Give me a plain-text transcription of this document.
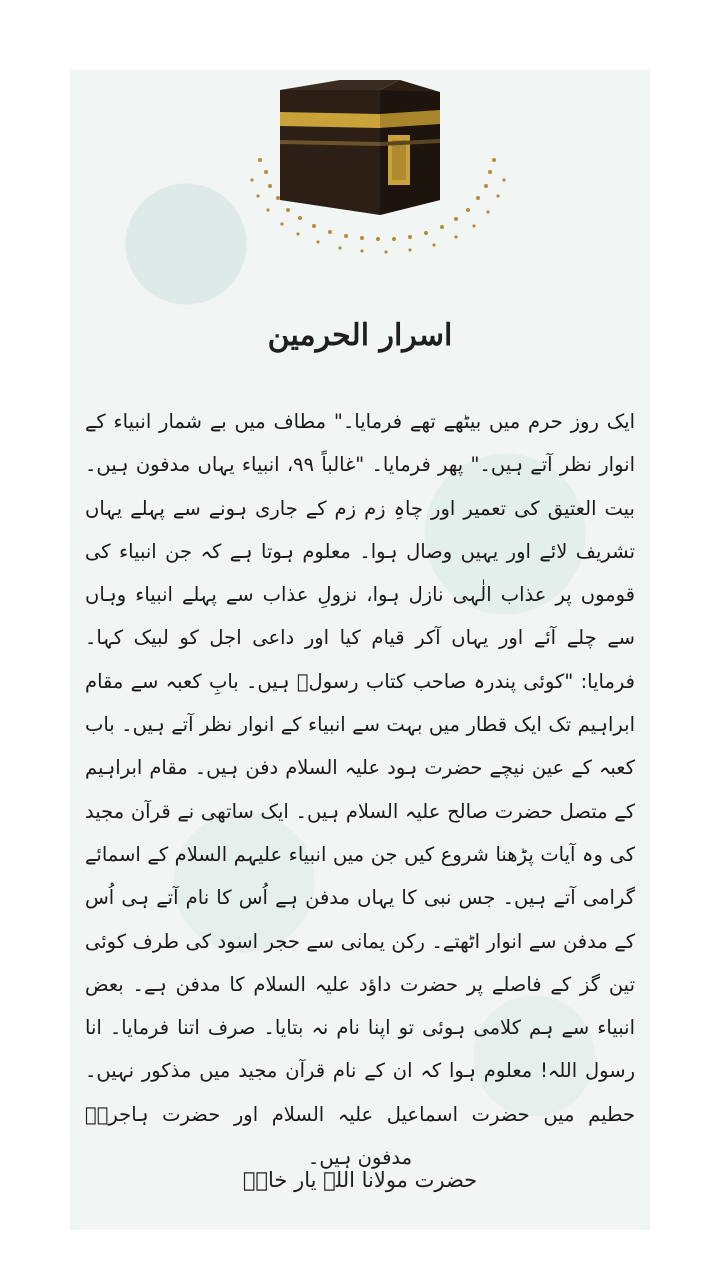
اسرار الحرمین
ایک روز حرم میں بیٹھے تھے فرمایا۔" مطاف میں بے شمار انبیاء کے انوار نظر آتے ہیں۔" پھر فرمایا۔ "غالباً ۹۹، انبیاء یہاں مدفون ہیں۔ بیت العتیق کی تعمیر اور چاہِ زم زم کے جاری ہونے سے پہلے یہاں تشریف لائے اور یہیں وصال ہوا۔ معلوم ہوتا ہے کہ جن انبیاء کی قوموں پر عذاب الٰہی نازل ہوا، نزولِ عذاب سے پہلے انبیاء وہاں سے چلے آئے اور یہاں آکر قیام کیا اور داعی اجل کو لبیک کہا۔ فرمایا: "کوئی پندرہ صاحب کتاب رسولؑ ہیں۔ بابِ کعبہ سے مقام ابراہیم تک ایک قطار میں بہت سے انبیاء کے انوار نظر آتے ہیں۔ باب کعبہ کے عین نیچے حضرت ہود علیہ السلام دفن ہیں۔ مقام ابراہیم کے متصل حضرت صالح علیہ السلام ہیں۔ ایک ساتھی نے قرآن مجید کی وہ آیات پڑھنا شروع کیں جن میں انبیاء علیہم السلام کے اسمائے گرامی آتے ہیں۔ جس نبی کا یہاں مدفن ہے اُس کا نام آتے ہی اُس کے مدفن سے انوار اٹھتے۔ رکن یمانی سے حجر اسود کی طرف کوئی تین گز کے فاصلے پر حضرت داؤد علیہ السلام کا مدفن ہے۔ بعض انبیاء سے ہم کلامی ہوئی تو اپنا نام نہ بتایا۔ صرف اتنا فرمایا۔ انا رسول اللہ! معلوم ہوا کہ ان کے نام قرآن مجید میں مذکور نہیں۔ حطیم میں حضرت اسماعیل علیہ السلام اور حضرت ہاجرہؓ مدفون ہیں۔
حضرت مولانا اللہ یار خانؒ
